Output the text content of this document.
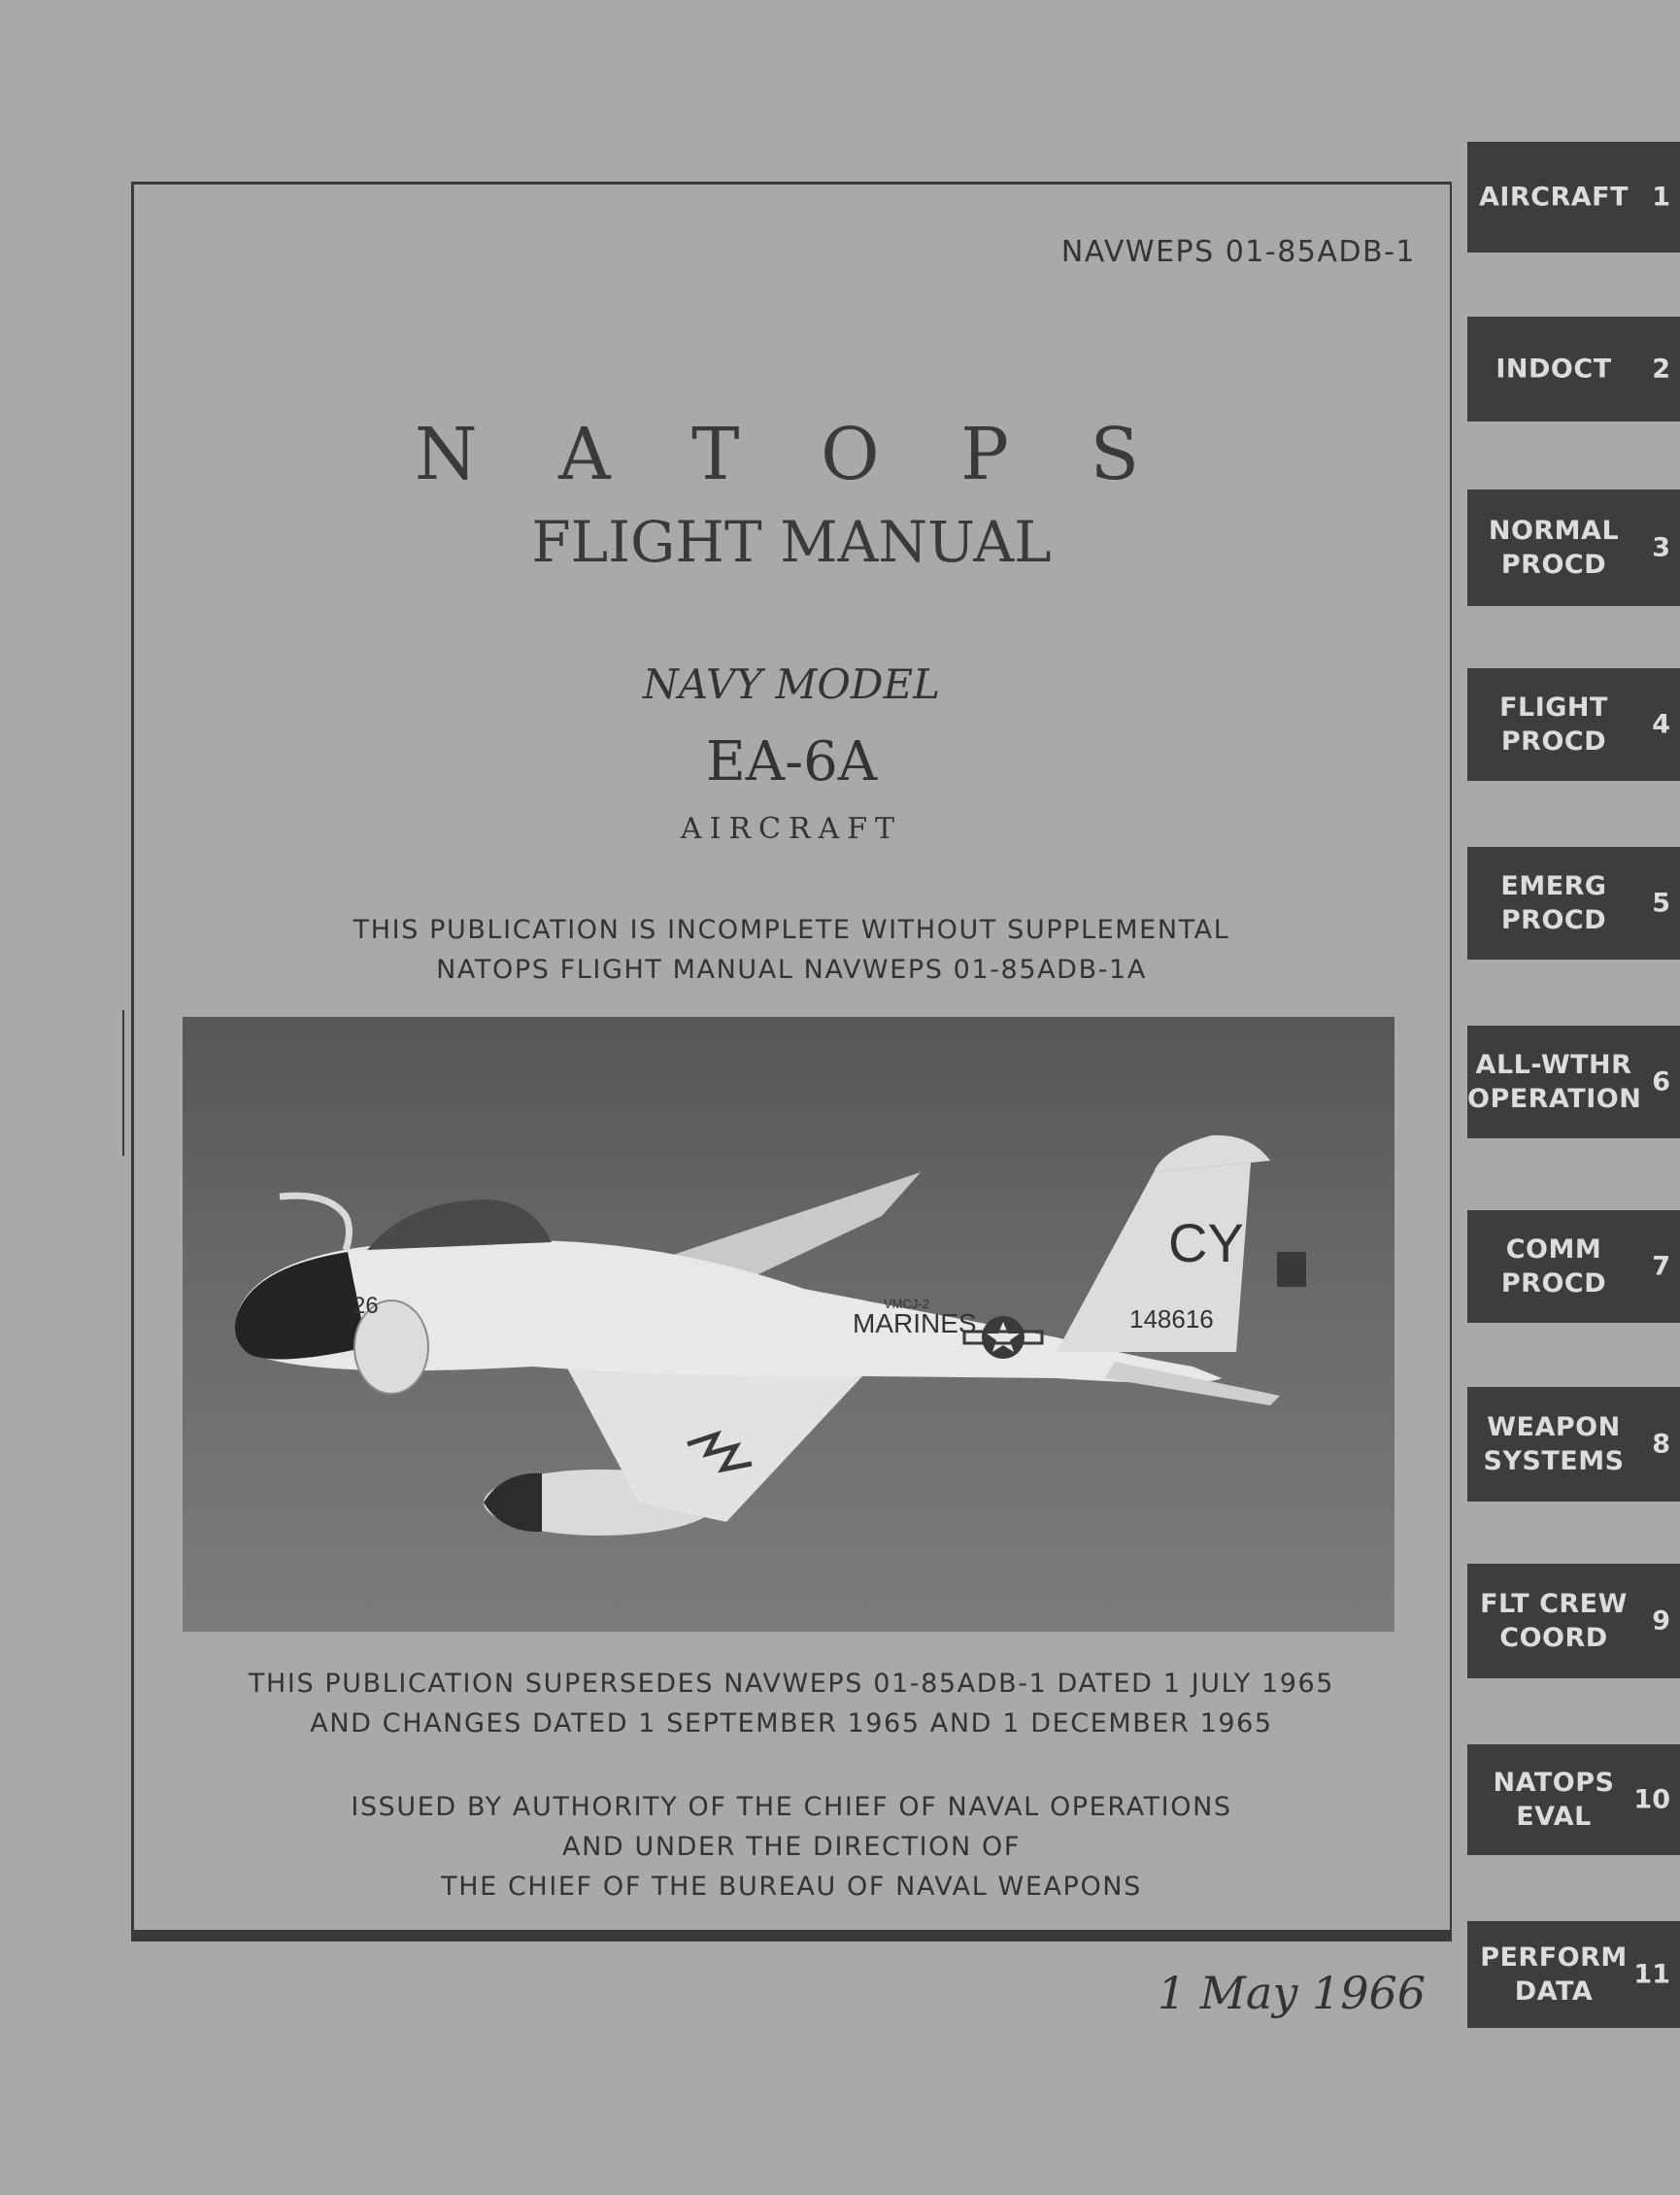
NAVWEPS 01-85ADB-1
N A T O P S
FLIGHT MANUAL
NAVY MODEL
EA-6A
AIRCRAFT
THIS PUBLICATION IS INCOMPLETE WITHOUT SUPPLEMENTAL
NATOPS FLIGHT MANUAL NAVWEPS 01-85ADB-1A
CY
148616
26
MARINES
VMCJ-2
THIS PUBLICATION SUPERSEDES NAVWEPS 01-85ADB-1 DATED 1 JULY 1965
AND CHANGES DATED 1 SEPTEMBER 1965 AND 1 DECEMBER 1965
ISSUED BY AUTHORITY OF THE CHIEF OF NAVAL OPERATIONS
AND UNDER THE DIRECTION OF
THE CHIEF OF THE BUREAU OF NAVAL WEAPONS
1 May 1966
AIRCRAFT 1
INDOCT	2
NORMAL
PROCD
3
FLIGHT
PROCD
4
EMERG
PROCD
5
ALL-WTHR
OPERATION
6
COMM
PROCD
7
WEAPON
SYSTEMS
8
FLT CREW
COORD
9
NATOPS
EVAL
10
PERFORM
DATA
11
